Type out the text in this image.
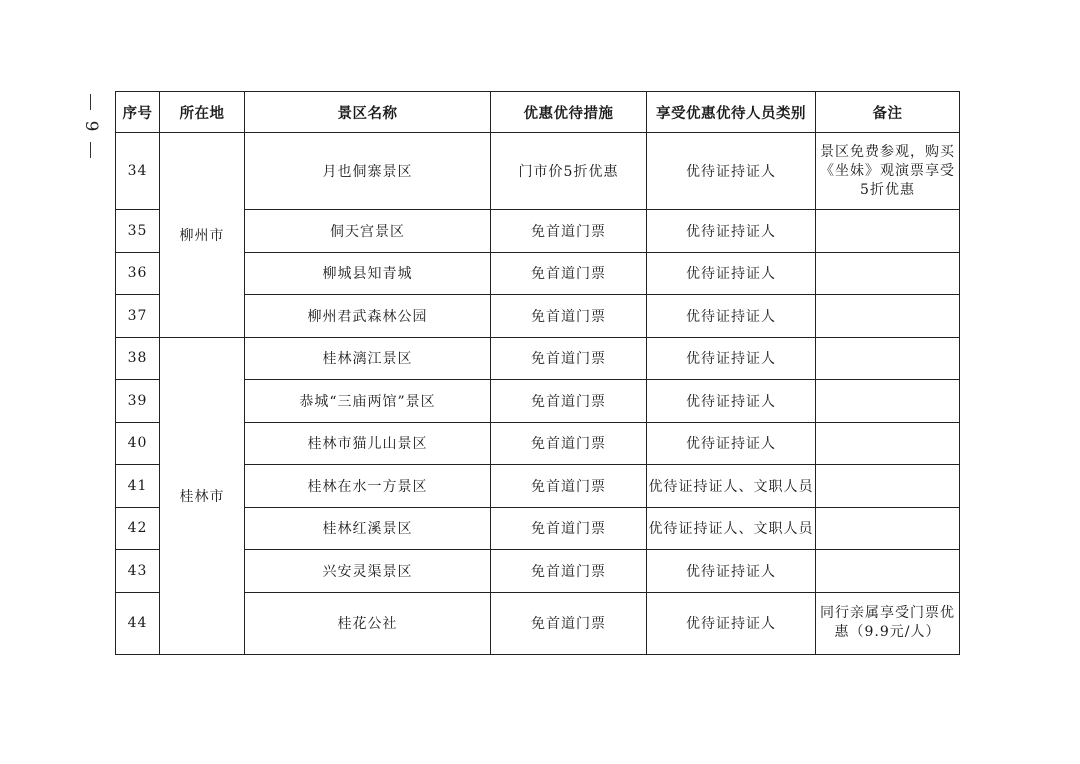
9
序号	所在地	景区名称	优惠优待措施	享受优惠优待人员类别	备注
34	柳州市	月也侗寨景区	门市价5折优惠	优待证持证人	景区免费参观，购买《坐妹》观演票享受5折优惠
35		侗天宫景区	免首道门票	优待证持证人	
36		柳城县知青城	免首道门票	优待证持证人	
37		柳州君武森林公园	免首道门票	优待证持证人	
38	桂林市	桂林漓江景区	免首道门票	优待证持证人	
39		恭城“三庙两馆”景区	免首道门票	优待证持证人	
40		桂林市猫儿山景区	免首道门票	优待证持证人	
41		桂林在水一方景区	免首道门票	优待证持证人、文职人员	
42		桂林红溪景区	免首道门票	优待证持证人、文职人员	
43		兴安灵渠景区	免首道门票	优待证持证人	
44		桂花公社	免首道门票	优待证持证人	同行亲属享受门票优惠（9.9元/人）
